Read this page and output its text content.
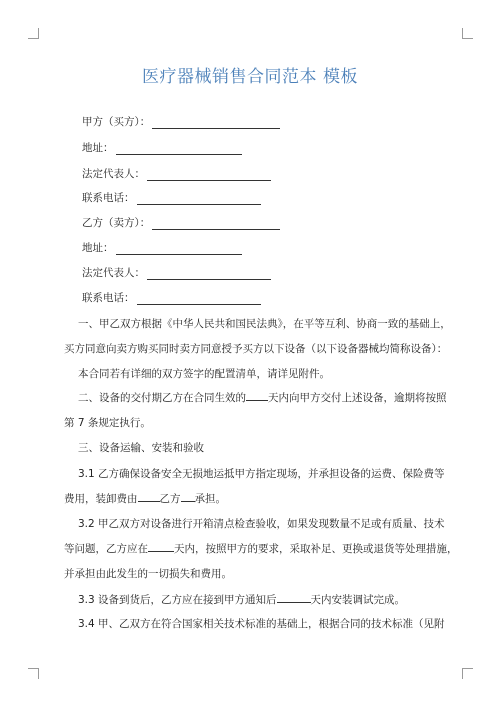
医疗器械销售合同范本 模板
甲方（买方）：
地址：
法定代表人：
联系电话：
乙方（卖方）：
地址：
法定代表人：
联系电话：
一、甲乙双方根据《中华人民共和国民法典》，在平等互利、协商一致的基础上，
买方同意向卖方购买同时卖方同意授予买方以下设备（以下设备器械均简称设备）：
本合同若有详细的双方签字的配置清单，请详见附件。
二、设备的交付期乙方在合同生效的 天内向甲方交付上述设备，逾期将按照
第 7 条规定执行。
三、设备运输、安装和验收
3.1 乙方确保设备安全无损地运抵甲方指定现场，并承担设备的运费、保险费等
费用，装卸费由 乙方 承担。
3.2 甲乙双方对设备进行开箱清点检查验收，如果发现数量不足或有质量、技术
等问题，乙方应在 天内，按照甲方的要求，采取补足、更换或退货等处理措施，
并承担由此发生的一切损失和费用。
3.3 设备到货后，乙方应在接到甲方通知后	天内安装调试完成。
3.4 甲、乙双方在符合国家相关技术标准的基础上，根据合同的技术标准（见附
